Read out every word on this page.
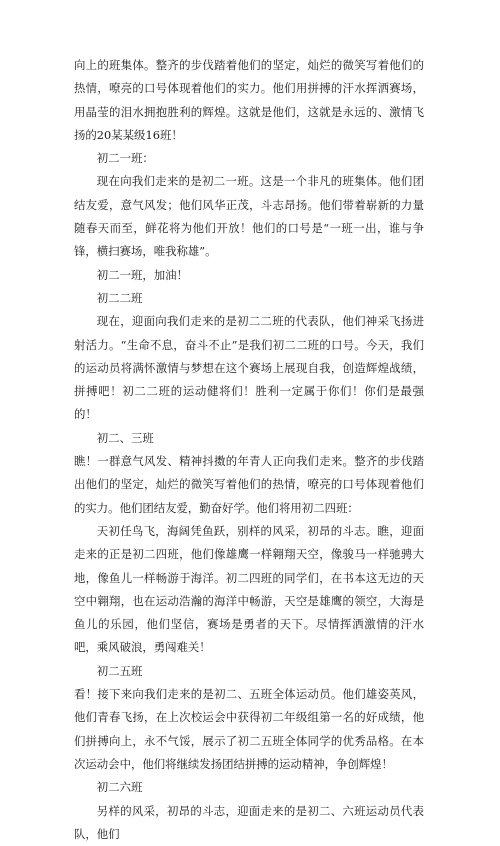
向上的班集体。整齐的步伐踏着他们的坚定，灿烂的微笑写着他们的热情，嘹亮的口号体现着他们的实力。他们用拼搏的汗水挥洒赛场，用晶莹的泪水拥抱胜利的辉煌。这就是他们，这就是永远的、激情飞扬的20某某级16班！

初二一班：

现在向我们走来的是初二一班。这是一个非凡的班集体。他们团结友爱，意气风发；他们风华正茂，斗志昂扬。他们带着崭新的力量随春天而至，鲜花将为他们开放！他们的口号是“一班一出，谁与争锋，横扫赛场，唯我称雄”。

初二一班，加油！

初二二班

现在，迎面向我们走来的是初二二班的代表队，他们神采飞扬进射活力。“生命不息，奋斗不止”是我们初二二班的口号。今天，我们的运动员将满怀激情与梦想在这个赛场上展现自我，创造辉煌战绩，拼搏吧！初二二班的运动健将们！胜利一定属于你们！你们是最强的！

初二、三班

瞧！一群意气风发、精神抖擞的年青人正向我们走来。整齐的步伐踏出他们的坚定，灿烂的微笑写着他们的热情，嘹亮的口号体现着他们的实力。他们团结友爱，勤奋好学。他们将用初二四班：

天初任鸟飞，海阔凭鱼跃，别样的风采，初昂的斗志。瞧，迎面走来的正是初二四班，他们像雄鹰一样翱翔天空，像骏马一样驰骋大地，像鱼儿一样畅游于海洋。初二四班的同学们，在书本这无边的天空中翱翔，也在运动浩瀚的海洋中畅游，天空是雄鹰的领空，大海是鱼儿的乐园，他们坚信，赛场是勇者的天下。尽情挥洒激情的汗水吧，乘风破浪，勇闯难关！

初二五班

看！接下来向我们走来的是初二、五班全体运动员。他们雄姿英风，他们青春飞扬，在上次校运会中获得初二年级组第一名的好成绩，他们拼搏向上，永不气馁，展示了初二五班全体同学的优秀品格。在本次运动会中，他们将继续发扬团结拼搏的运动精神，争创辉煌！

初二六班

另样的风采，初昂的斗志，迎面走来的是初二、六班运动员代表队，他们
